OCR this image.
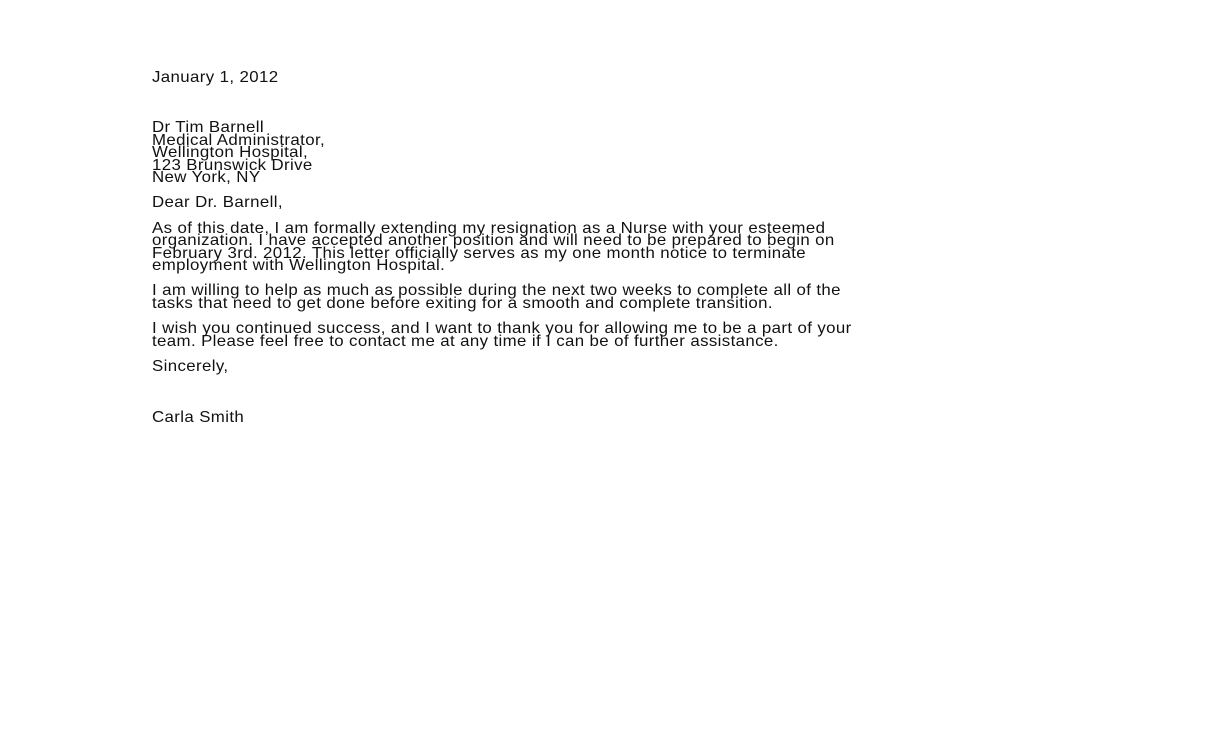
January 1, 2012

Dr Tim Barnell
Medical Administrator,
Wellington Hospital,
123 Brunswick Drive
New York, NY

Dear Dr. Barnell,

As of this date, I am formally extending my resignation as a Nurse with your esteemed
organization. I have accepted another position and will need to be prepared to begin on
February 3rd. 2012. This letter officially serves as my one month notice to terminate
employment with Wellington Hospital.
I am willing to help as much as possible during the next two weeks to complete all of the
tasks that need to get done before exiting for a smooth and complete transition.
I wish you continued success, and I want to thank you for allowing me to be a part of your
team. Please feel free to contact me at any time if I can be of further assistance.

Sincerely,

Carla Smith
